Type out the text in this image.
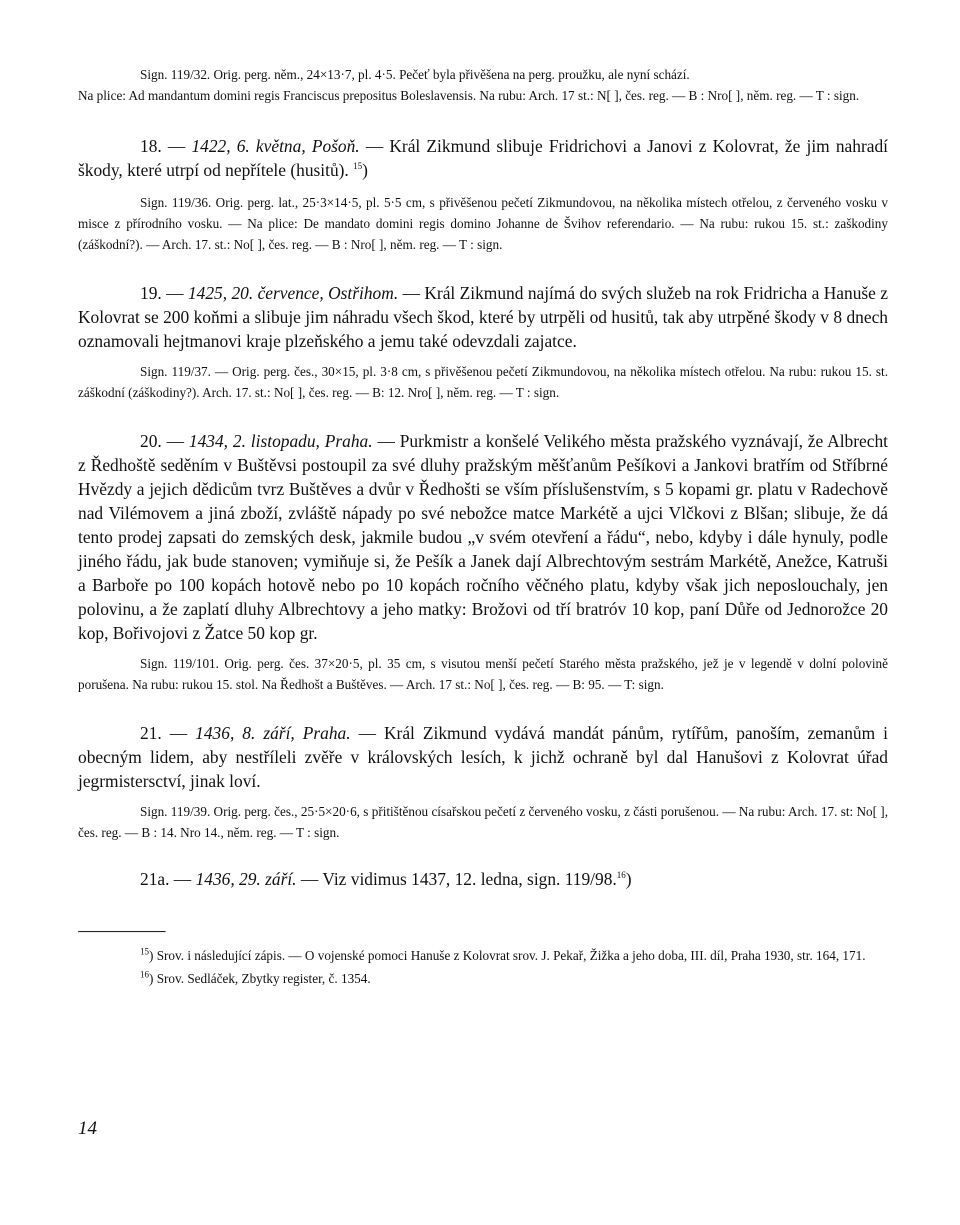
Sign. 119/32. Orig. perg. něm., 24×13·7, pl. 4·5. Pečeť byla přivěšena na perg. proužku, ale nyní schází.
Na plice: Ad mandantum domini regis Franciscus prepositus Boleslavensis. Na rubu: Arch. 17 st.: N[ ], čes. reg. — B : Nro[ ], něm. reg. — T : sign.

18. — 1422, 6. května, Pošoň. — Král Zikmund slibuje Fridrichovi a Janovi z Kolovrat, že jim nahradí škody, které utrpí od nepřítele (husitů). $^{15}$)

Sign. 119/36. Orig. perg. lat., 25·3×14·5, pl. 5·5 cm, s přivěšenou pečetí Zikmundovou, na několika místech otřelou, z červeného vosku v misce z přírodního vosku. — Na plice: De mandato domini regis domino Johanne de Švihov referendario. — Na rubu: rukou 15. st.: zaškodiny (záškodní?). — Arch. 17. st.: No[ ], čes. reg. — B : Nro[ ], něm. reg. — T : sign.

19. — 1425, 20. července, Ostřihom. — Král Zikmund najímá do svých služeb na rok Fridricha a Hanuše z Kolovrat se 200 koňmi a slibuje jim náhradu všech škod, které by utrpěli od husitů, tak aby utrpěné škody v 8 dnech oznamovali hejtmanovi kraje plzeňského a jemu také odevzdali zajatce.

Sign. 119/37. — Orig. perg. čes., 30×15, pl. 3·8 cm, s přivěšenou pečetí Zikmundovou, na několika místech otřelou. Na rubu: rukou 15. st. záškodní (záškodiny?). Arch. 17. st.: No[ ], čes. reg. — B: 12. Nro[ ], něm. reg. — T : sign.

20. — 1434, 2. listopadu, Praha. — Purkmistr a konšelé Velikého města pražského vyznávají, že Albrecht z Ředhoště seděním v Buštěvsi postoupil za své dluhy pražským měšťanům Pešíkovi a Jankovi bratřím od Stříbrné Hvězdy a jejich dědicům tvrz Buštěves a dvůr v Ředhošti se vším příslušenstvím, s 5 kopami gr. platu v Radechově nad Vilémovem a jiná zboží, zvláště nápady po své nebožce matce Markétě a ujci Vlčkovi z Blšan; slibuje, že dá tento prodej zapsati do zemských desk, jakmile budou „v svém otevření a řádu“, nebo, kdyby i dále hynuly, podle jiného řádu, jak bude stanoven; vymiňuje si, že Pešík a Janek dají Albrechtovým sestrám Markétě, Anežce, Katruši a Barboře po 100 kopách hotově nebo po 10 kopách ročního věčného platu, kdyby však jich neposlouchaly, jen polovinu, a že zaplatí dluhy Albrechtovy a jeho matky: Brožovi od tří bratróv 10 kop, paní Důře od Jednorožce 20 kop, Bořivojovi z Žatce 50 kop gr.

Sign. 119/101. Orig. perg. čes. 37×20·5, pl. 35 cm, s visutou menší pečetí Starého města pražského, jež je v legendě v dolní polovině porušena. Na rubu: rukou 15. stol. Na Ředhošt a Buštěves. — Arch. 17 st.: No[ ], čes. reg. — B: 95. — T: sign.

21. — 1436, 8. září, Praha. — Král Zikmund vydává mandát pánům, rytířům, panoším, zemanům i obecným lidem, aby nestříleli zvěře v královských lesích, k jichž ochraně byl dal Hanušovi z Kolovrat úřad jegrmistersctví, jinak loví.

Sign. 119/39. Orig. perg. čes., 25·5×20·6, s přitištěnou císařskou pečetí z červeného vosku, z části porušenou. — Na rubu: Arch. 17. st: No[ ], čes. reg. — B : 14. Nro 14., něm. reg. — T : sign.

21a. — 1436, 29. září. — Viz vidimus 1437, 12. ledna, sign. 119/98.16)

$^{15}$) Srov. i následující zápis. — O vojenské pomoci Hanuše z Kolovrat srov. J. Pekař, Žižka a jeho doba, III. díl, Praha 1930, str. 164, 171.

$^{16}$) Srov. Sedláček, Zbytky register, č. 1354.

14
